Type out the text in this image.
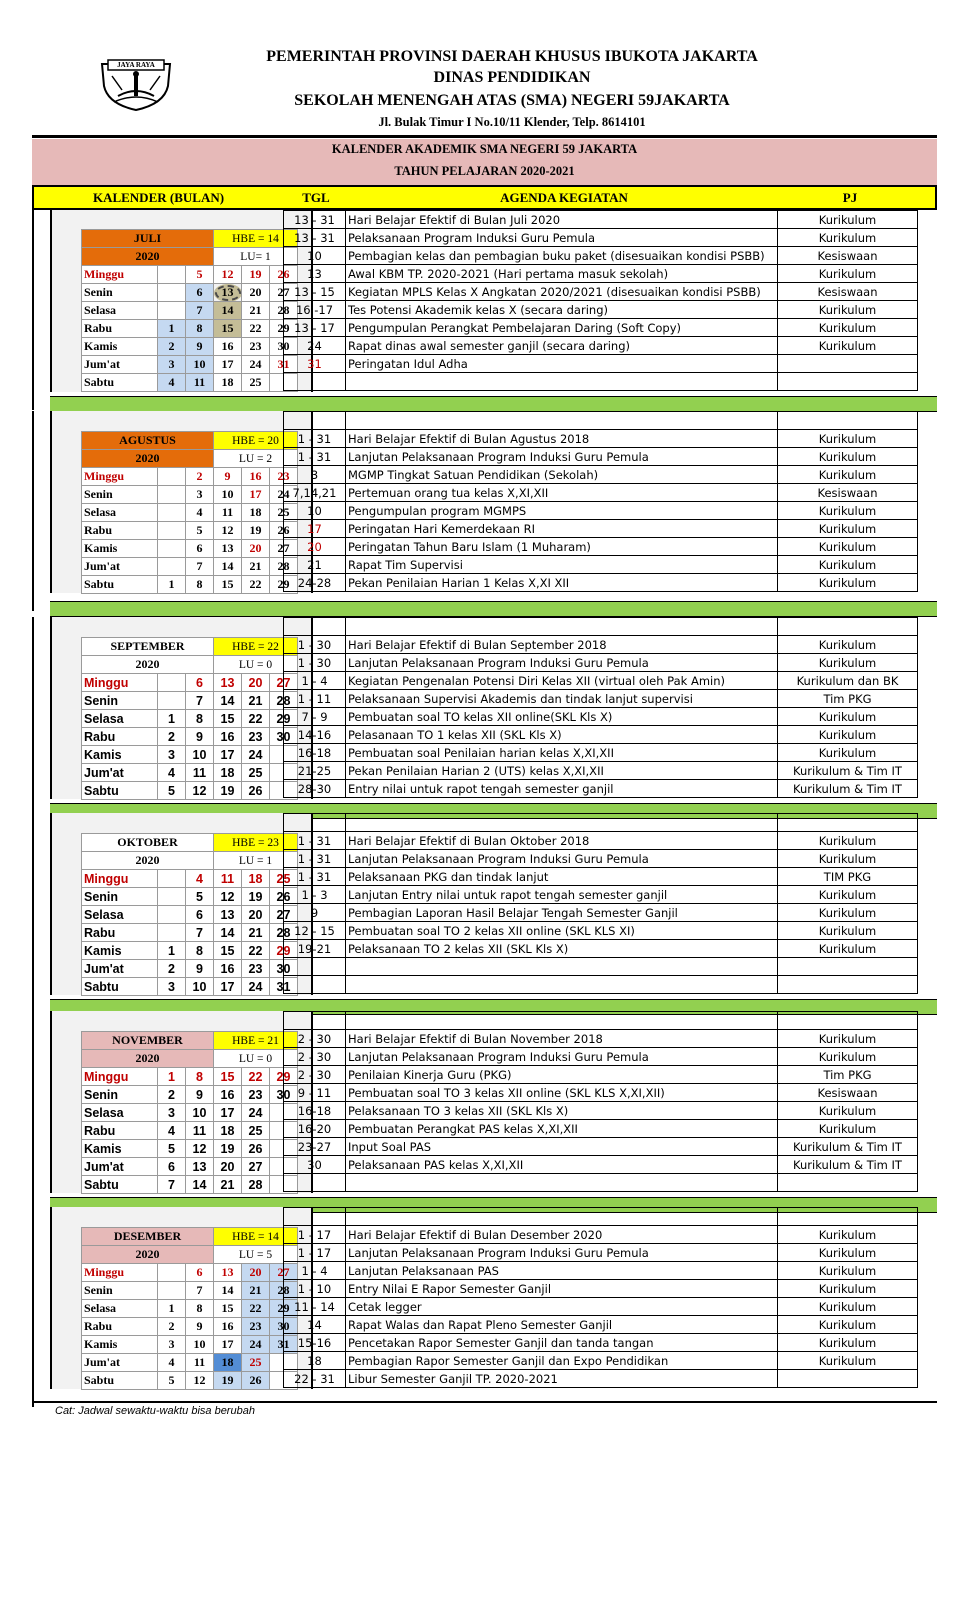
JAYA RAYA	PEMERINTAH PROVINSI DAERAH KHUSUS IBUKOTA JAKARTA
DINAS PENDIDIKAN
SEKOLAH MENENGAH ATAS (SMA) NEGERI 59JAKARTA
Jl. Bulak Timur I No.10/11 Klender, Telp. 8614101
KALENDER AKADEMIK SMA NEGERI 59 JAKARTA
TAHUN PELAJARAN 2020-2021
KALENDER (BULAN)	TGL	AGENDA KEGIATAN	PJ
JULI			HBE = 14		
2020			LU= 1		
Minggu		5	12	19	26
Senin		6	13	20	27
Selasa		7	14	21	28
Rabu	1	8	15	22	29
Kamis	2	9	16	23	30
Jum'at	3	10	17	24	31
Sabtu	4	11	18	25	
13 - 31	Hari Belajar Efektif di Bulan Juli 2020	Kurikulum
13 - 31	Pelaksanaan Program Induksi Guru Pemula	Kurikulum
10	Pembagian kelas dan pembagian buku paket (disesuaikan kondisi PSBB)	Kesiswaan
13	Awal KBM TP. 2020-2021 (Hari pertama masuk sekolah)	Kurikulum
13 - 15	Kegiatan MPLS Kelas X Angkatan 2020/2021 (disesuaikan kondisi PSBB)	Kesiswaan
16 -17	Tes Potensi Akademik kelas X (secara daring)	Kurikulum
13 - 17	Pengumpulan Perangkat Pembelajaran Daring (Soft Copy)	Kurikulum
24	Rapat dinas awal semester ganjil (secara daring)	Kurikulum
31	Peringatan Idul Adha	

AGUSTUS			HBE = 20		
2020			LU = 2		
Minggu		2	9	16	23
Senin		3	10	17	24
Selasa		4	11	18	25
Rabu		5	12	19	26
Kamis		6	13	20	27
Jum'at		7	14	21	28
Sabtu	1	8	15	22	29

1 - 31	Hari Belajar Efektif di Bulan Agustus 2018	Kurikulum
1 - 31	Lanjutan Pelaksanaan Program Induksi Guru Pemula	Kurikulum
3	MGMP Tingkat Satuan Pendidikan (Sekolah)	Kurikulum
7,14,21	Pertemuan orang tua kelas X,XI,XII	Kesiswaan
10	Pengumpulan program MGMPS	Kurikulum
17	Peringatan Hari Kemerdekaan RI	Kurikulum
20	Peringatan Tahun Baru Islam (1 Muharam)	Kurikulum
21	Rapat Tim Supervisi	Kurikulum
24-28	Pekan Penilaian Harian 1 Kelas X,XI XII	Kurikulum
SEPTEMBER			HBE = 22		
2020			LU = 0		
Minggu		6	13	20	27
Senin		7	14	21	28
Selasa	1	8	15	22	29
Rabu	2	9	16	23	30
Kamis	3	10	17	24	
Jum'at	4	11	18	25	
Sabtu	5	12	19	26	

1 - 30	Hari Belajar Efektif di Bulan September 2018	Kurikulum
1 - 30	Lanjutan Pelaksanaan Program Induksi Guru Pemula	Kurikulum
1 - 4	Kegiatan Pengenalan Potensi Diri Kelas XII (virtual oleh Pak Amin)	Kurikulum dan BK
1 - 11	Pelaksanaan Supervisi Akademis dan tindak lanjut supervisi	Tim PKG
7 - 9	Pembuatan soal TO kelas XII online(SKL Kls X)	Kurikulum
14-16	Pelasanaan TO 1 kelas XII (SKL Kls X)	Kurikulum
16-18	Pembuatan soal Penilaian harian kelas X,XI,XII	Kurikulum
21-25	Pekan Penilaian Harian 2 (UTS) kelas X,XI,XII	Kurikulum & Tim IT
28-30	Entry nilai untuk rapot tengah semester ganjil	Kurikulum & Tim IT
OKTOBER			HBE = 23		
2020			LU = 1		
Minggu		4	11	18	25
Senin		5	12	19	26
Selasa		6	13	20	27
Rabu		7	14	21	28
Kamis	1	8	15	22	29
Jum'at	2	9	16	23	30
Sabtu	3	10	17	24	31

1 - 31	Hari Belajar Efektif di Bulan Oktober 2018	Kurikulum
1 - 31	Lanjutan Pelaksanaan Program Induksi Guru Pemula	Kurikulum
1 - 31	Pelaksanaan PKG dan tindak lanjut	TIM PKG
1 - 3	Lanjutan Entry nilai untuk rapot tengah semester ganjil	Kurikulum
9	Pembagian Laporan Hasil Belajar Tengah Semester Ganjil	Kurikulum
12 - 15	Pembuatan soal TO 2 kelas XII online (SKL KLS XI)	Kurikulum
19-21	Pelaksanaan TO 2 kelas XII (SKL Kls X)	Kurikulum

NOVEMBER			HBE = 21		
2020			LU = 0		
Minggu	1	8	15	22	29
Senin	2	9	16	23	30
Selasa	3	10	17	24	
Rabu	4	11	18	25	
Kamis	5	12	19	26	
Jum'at	6	13	20	27	
Sabtu	7	14	21	28	

2 - 30	Hari Belajar Efektif di Bulan November 2018	Kurikulum
2 - 30	Lanjutan Pelaksanaan Program Induksi Guru Pemula	Kurikulum
2 - 30	Penilaian Kinerja Guru (PKG)	Tim PKG
9 - 11	Pembuatan soal TO 3 kelas XII online (SKL KLS X,XI,XII)	Kesiswaan
16-18	Pelaksanaan TO 3 kelas XII (SKL Kls X)	Kurikulum
16-20	Pembuatan Perangkat PAS kelas X,XI,XII	Kurikulum
23-27	Input Soal PAS	Kurikulum & Tim IT
30	Pelaksanaan PAS kelas X,XI,XII	Kurikulum & Tim IT

DESEMBER			HBE = 14		
2020			LU = 5		
Minggu		6	13	20	27
Senin		7	14	21	28
Selasa	1	8	15	22	29
Rabu	2	9	16	23	30
Kamis	3	10	17	24	31
Jum'at	4	11	18	25	
Sabtu	5	12	19	26	

1 - 17	Hari Belajar Efektif di Bulan Desember 2020	Kurikulum
1 - 17	Lanjutan Pelaksanaan Program Induksi Guru Pemula	Kurikulum
1 - 4	Lanjutan Pelaksanaan PAS	Kurikulum
1 - 10	Entry Nilai E Rapor Semester Ganjil	Kurikulum
11 - 14	Cetak legger	Kurikulum
14	Rapat Walas dan Rapat Pleno Semester Ganjil	Kurikulum
15-16	Pencetakan Rapor Semester Ganjil dan tanda tangan	Kurikulum
18	Pembagian Rapor Semester Ganjil dan Expo Pendidikan	Kurikulum
22 - 31	Libur Semester Ganjil TP. 2020-2021	
Cat: Jadwal sewaktu-waktu bisa berubah
